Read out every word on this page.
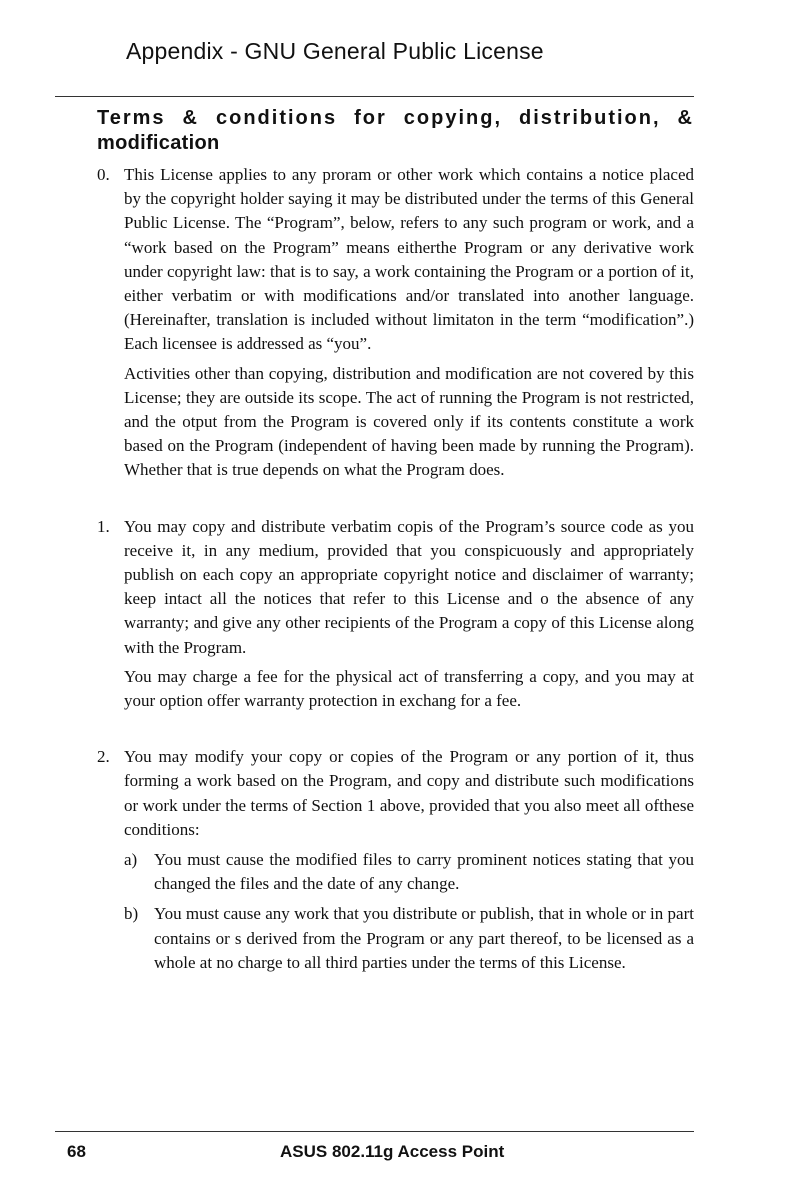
Appendix - GNU General Public License
Terms & conditions for copying, distribution, &
modification
0. This License applies to any proram or other work which contains a notice placed by the copyright holder saying it may be distributed under the terms of this General Public License. The “Program”, below, refers to any such program or work, and a “work based on the Program” means eitherthe Program or any derivative work under copyright law: that is to say, a work containing the Program or a portion of it, either verbatim or with modifications and/or translated into another language. (Hereinafter, translation is included without limitaton in the term “modification”.) Each licensee is addressed as “you”.

Activities other than copying, distribution and modification are not covered by this License; they are outside its scope. The act of running the Program is not restricted, and the otput from the Program is covered only if its contents constitute a work based on the Program (independent of having been made by running the Program). Whether that is true depends on what the Program does.

1. You may copy and distribute verbatim copis of the Program’s source code as you receive it, in any medium, provided that you conspicuously and appropriately publish on each copy an appropriate copyright notice and disclaimer of warranty; keep intact all the notices that refer to this License and o the absence of any warranty; and give any other recipients of the Program a copy of this License along with the Program.

You may charge a fee for the physical act of transferring a copy, and you may at your option offer warranty protection in exchang for a fee.

2. You may modify your copy or copies of the Program or any portion of it, thus forming a work based on the Program, and copy and distribute such modifications or work under the terms of Section 1 above, provided that you also meet all ofthese conditions:

a) You must cause the modified files to carry prominent notices stating that you changed the files and the date of any change.

b) You must cause any work that you distribute or publish, that in whole or in part contains or s derived from the Program or any part thereof, to be licensed as a whole at no charge to all third parties under the terms of this License.

68	ASUS 802.11g Access Point
